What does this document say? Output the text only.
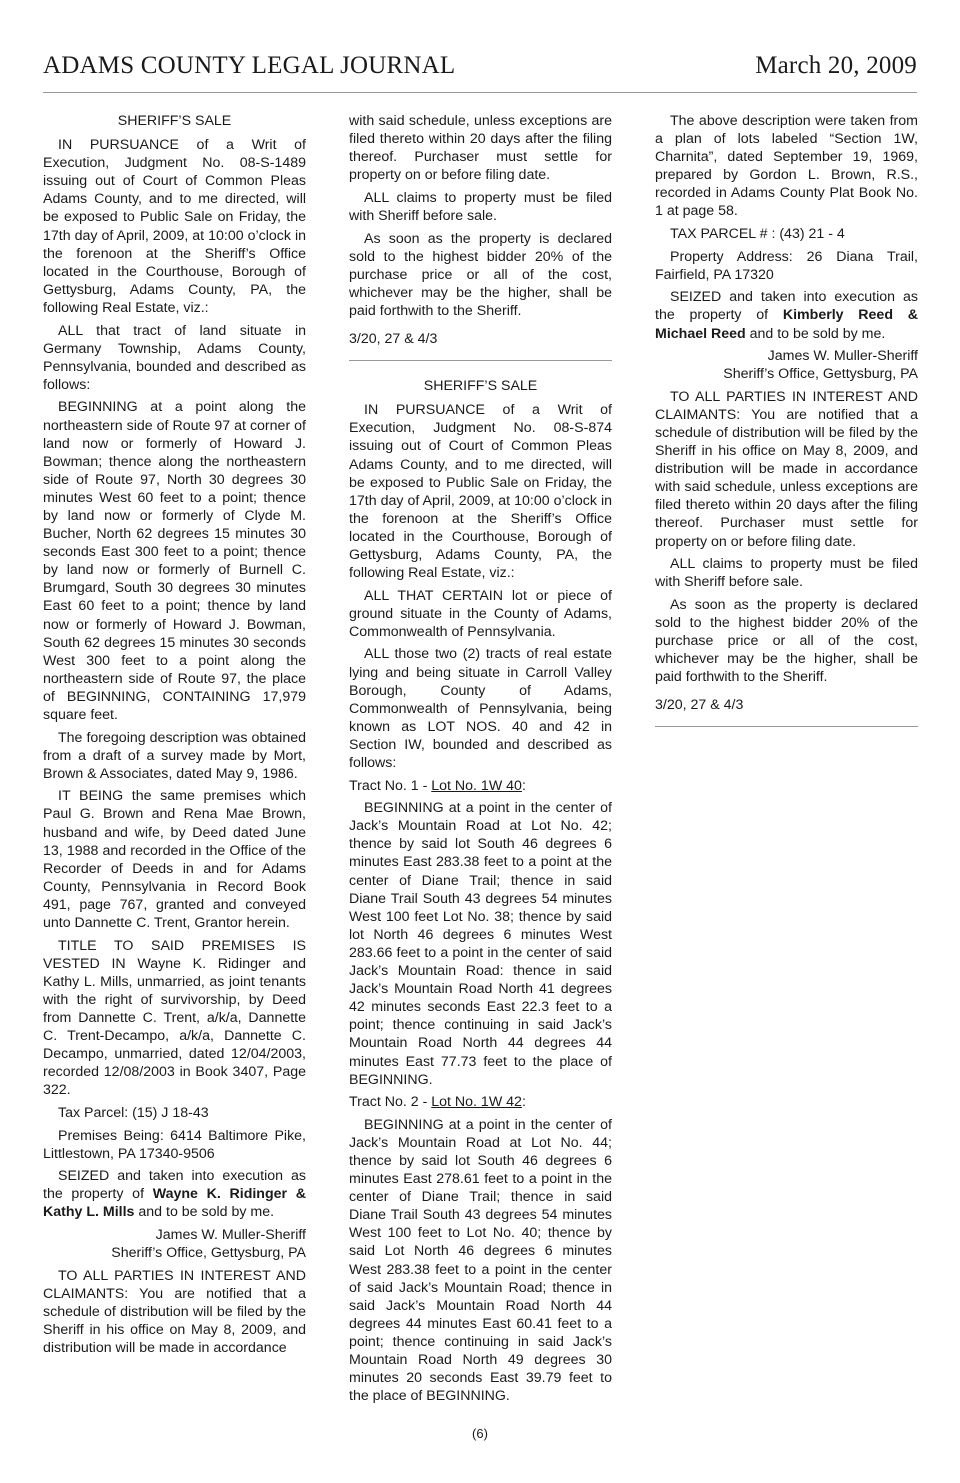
ADAMS COUNTY LEGAL JOURNAL	March 20, 2009

SHERIFF’S SALE

IN PURSUANCE of a Writ of Execution, Judgment No. 08-S-1489 issuing out of Court of Common Pleas Adams County, and to me directed, will be exposed to Public Sale on Friday, the 17th day of April, 2009, at 10:00 o’clock in the forenoon at the Sheriff’s Office located in the Courthouse, Borough of Gettysburg, Adams County, PA, the following Real Estate, viz.:

ALL that tract of land situate in Germany Township, Adams County, Pennsylvania, bounded and described as follows:

BEGINNING at a point along the northeastern side of Route 97 at corner of land now or formerly of Howard J. Bowman; thence along the northeastern side of Route 97, North 30 degrees 30 minutes West 60 feet to a point; thence by land now or formerly of Clyde M. Bucher, North 62 degrees 15 minutes 30 seconds East 300 feet to a point; thence by land now or formerly of Burnell C. Brumgard, South 30 degrees 30 minutes East 60 feet to a point; thence by land now or formerly of Howard J. Bowman, South 62 degrees 15 minutes 30 seconds West 300 feet to a point along the northeastern side of Route 97, the place of BEGINNING, CONTAINING 17,979 square feet.

The foregoing description was obtained from a draft of a survey made by Mort, Brown & Associates, dated May 9, 1986.

IT BEING the same premises which Paul G. Brown and Rena Mae Brown, husband and wife, by Deed dated June 13, 1988 and recorded in the Office of the Recorder of Deeds in and for Adams County, Pennsylvania in Record Book 491, page 767, granted and conveyed unto Dannette C. Trent, Grantor herein.

TITLE TO SAID PREMISES IS VESTED IN Wayne K. Ridinger and Kathy L. Mills, unmarried, as joint tenants with the right of survivorship, by Deed from Dannette C. Trent, a/k/a, Dannette C. Trent-Decampo, a/k/a, Dannette C. Decampo, unmarried, dated 12/04/2003, recorded 12/08/2003 in Book 3407, Page 322.

Tax Parcel: (15) J 18-43

Premises Being: 6414 Baltimore Pike, Littlestown, PA 17340-9506

SEIZED and taken into execution as the property of Wayne K. Ridinger & Kathy L. Mills and to be sold by me.

James W. Muller-Sheriff

Sheriff’s Office, Gettysburg, PA

TO ALL PARTIES IN INTEREST AND CLAIMANTS: You are notified that a schedule of distribution will be filed by the Sheriff in his office on May 8, 2009, and distribution will be made in accordance

with said schedule, unless exceptions are filed thereto within 20 days after the filing thereof. Purchaser must settle for property on or before filing date.

ALL claims to property must be filed with Sheriff before sale.

As soon as the property is declared sold to the highest bidder 20% of the purchase price or all of the cost, whichever may be the higher, shall be paid forthwith to the Sheriff.

3/20, 27 & 4/3

SHERIFF’S SALE

IN PURSUANCE of a Writ of Execution, Judgment No. 08-S-874 issuing out of Court of Common Pleas Adams County, and to me directed, will be exposed to Public Sale on Friday, the 17th day of April, 2009, at 10:00 o’clock in the forenoon at the Sheriff’s Office located in the Courthouse, Borough of Gettysburg, Adams County, PA, the following Real Estate, viz.:

ALL THAT CERTAIN lot or piece of ground situate in the County of Adams, Commonwealth of Pennsylvania.

ALL those two (2) tracts of real estate lying and being situate in Carroll Valley Borough, County of Adams, Commonwealth of Pennsylvania, being known as LOT NOS. 40 and 42 in Section IW, bounded and described as follows:

Tract No. 1 - Lot No. 1W 40:

BEGINNING at a point in the center of Jack’s Mountain Road at Lot No. 42; thence by said lot South 46 degrees 6 minutes East 283.38 feet to a point at the center of Diane Trail; thence in said Diane Trail South 43 degrees 54 minutes West 100 feet Lot No. 38; thence by said lot North 46 degrees 6 minutes West 283.66 feet to a point in the center of said Jack’s Mountain Road: thence in said Jack’s Mountain Road North 41 degrees 42 minutes seconds East 22.3 feet to a point; thence continuing in said Jack’s Mountain Road North 44 degrees 44 minutes East 77.73 feet to the place of BEGINNING.

Tract No. 2 - Lot No. 1W 42:

BEGINNING at a point in the center of Jack’s Mountain Road at Lot No. 44; thence by said lot South 46 degrees 6 minutes East 278.61 feet to a point in the center of Diane Trail; thence in said Diane Trail South 43 degrees 54 minutes West 100 feet to Lot No. 40; thence by said Lot North 46 degrees 6 minutes West 283.38 feet to a point in the center of said Jack’s Mountain Road; thence in said Jack’s Mountain Road North 44 degrees 44 minutes East 60.41 feet to a point; thence continuing in said Jack’s Mountain Road North 49 degrees 30 minutes 20 seconds East 39.79 feet to the place of BEGINNING.

The above description were taken from a plan of lots labeled “Section 1W, Charnita”, dated September 19, 1969, prepared by Gordon L. Brown, R.S., recorded in Adams County Plat Book No. 1 at page 58.

TAX PARCEL # : (43) 21 - 4

Property Address: 26 Diana Trail, Fairfield, PA 17320

SEIZED and taken into execution as the property of Kimberly Reed & Michael Reed and to be sold by me.

James W. Muller-Sheriff

Sheriff’s Office, Gettysburg, PA

TO ALL PARTIES IN INTEREST AND CLAIMANTS: You are notified that a schedule of distribution will be filed by the Sheriff in his office on May 8, 2009, and distribution will be made in accordance with said schedule, unless exceptions are filed thereto within 20 days after the filing thereof. Purchaser must settle for property on or before filing date.

ALL claims to property must be filed with Sheriff before sale.

As soon as the property is declared sold to the highest bidder 20% of the purchase price or all of the cost, whichever may be the higher, shall be paid forthwith to the Sheriff.

3/20, 27 & 4/3

(6)
